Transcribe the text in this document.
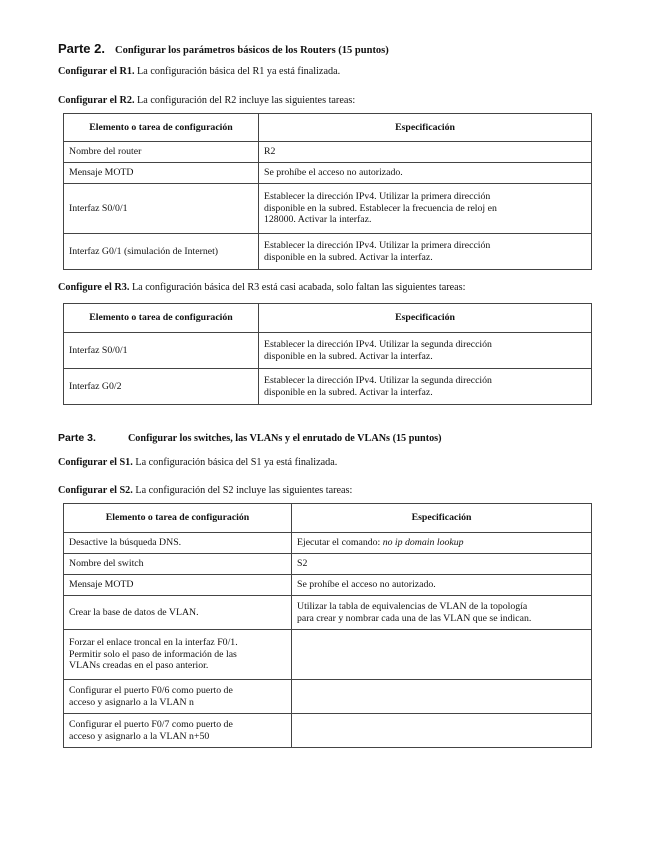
Parte 2. Configurar los parámetros básicos de los Routers (15 puntos)
Configurar el R1. La configuración básica del R1 ya está finalizada.
Configurar el R2. La configuración del R2 incluye las siguientes tareas:
Elemento o tarea de configuración	Especificación
Nombre del router	R2
Mensaje MOTD	Se prohíbe el acceso no autorizado.
Interfaz S0/0/1	Establecer la dirección IPv4. Utilizar la primera dirección
disponible en la subred. Establecer la frecuencia de reloj en
128000. Activar la interfaz.

Interfaz G0/1 (simulación de Internet)	Establecer la dirección IPv4. Utilizar la primera dirección
disponible en la subred. Activar la interfaz.
Configure el R3. La configuración básica del R3 está casi acabada, solo faltan las siguientes tareas:
Elemento o tarea de configuración	Especificación
Interfaz S0/0/1	Establecer la dirección IPv4. Utilizar la segunda dirección
disponible en la subred. Activar la interfaz.

Interfaz G0/2	Establecer la dirección IPv4. Utilizar la segunda dirección
disponible en la subred. Activar la interfaz.
Parte 3.	Configurar los switches, las VLANs y el enrutado de VLANs (15 puntos)
Configurar el S1. La configuración básica del S1 ya está finalizada.
Configurar el S2. La configuración del S2 incluye las siguientes tareas:
Elemento o tarea de configuración	Especificación
Desactive la búsqueda DNS.	Ejecutar el comando: no ip domain lookup
Nombre del switch	S2
Mensaje MOTD	Se prohíbe el acceso no autorizado.
Crear la base de datos de VLAN.	Utilizar la tabla de equivalencias de VLAN de la topología
para crear y nombrar cada una de las VLAN que se indican.

Forzar el enlace troncal en la interfaz F0/1.
Permitir solo el paso de información de las
VLANs creadas en el paso anterior.	

Configurar el puerto F0/6 como puerto de
acceso y asignarlo a la VLAN n	

Configurar el puerto F0/7 como puerto de
acceso y asignarlo a la VLAN n+50	
